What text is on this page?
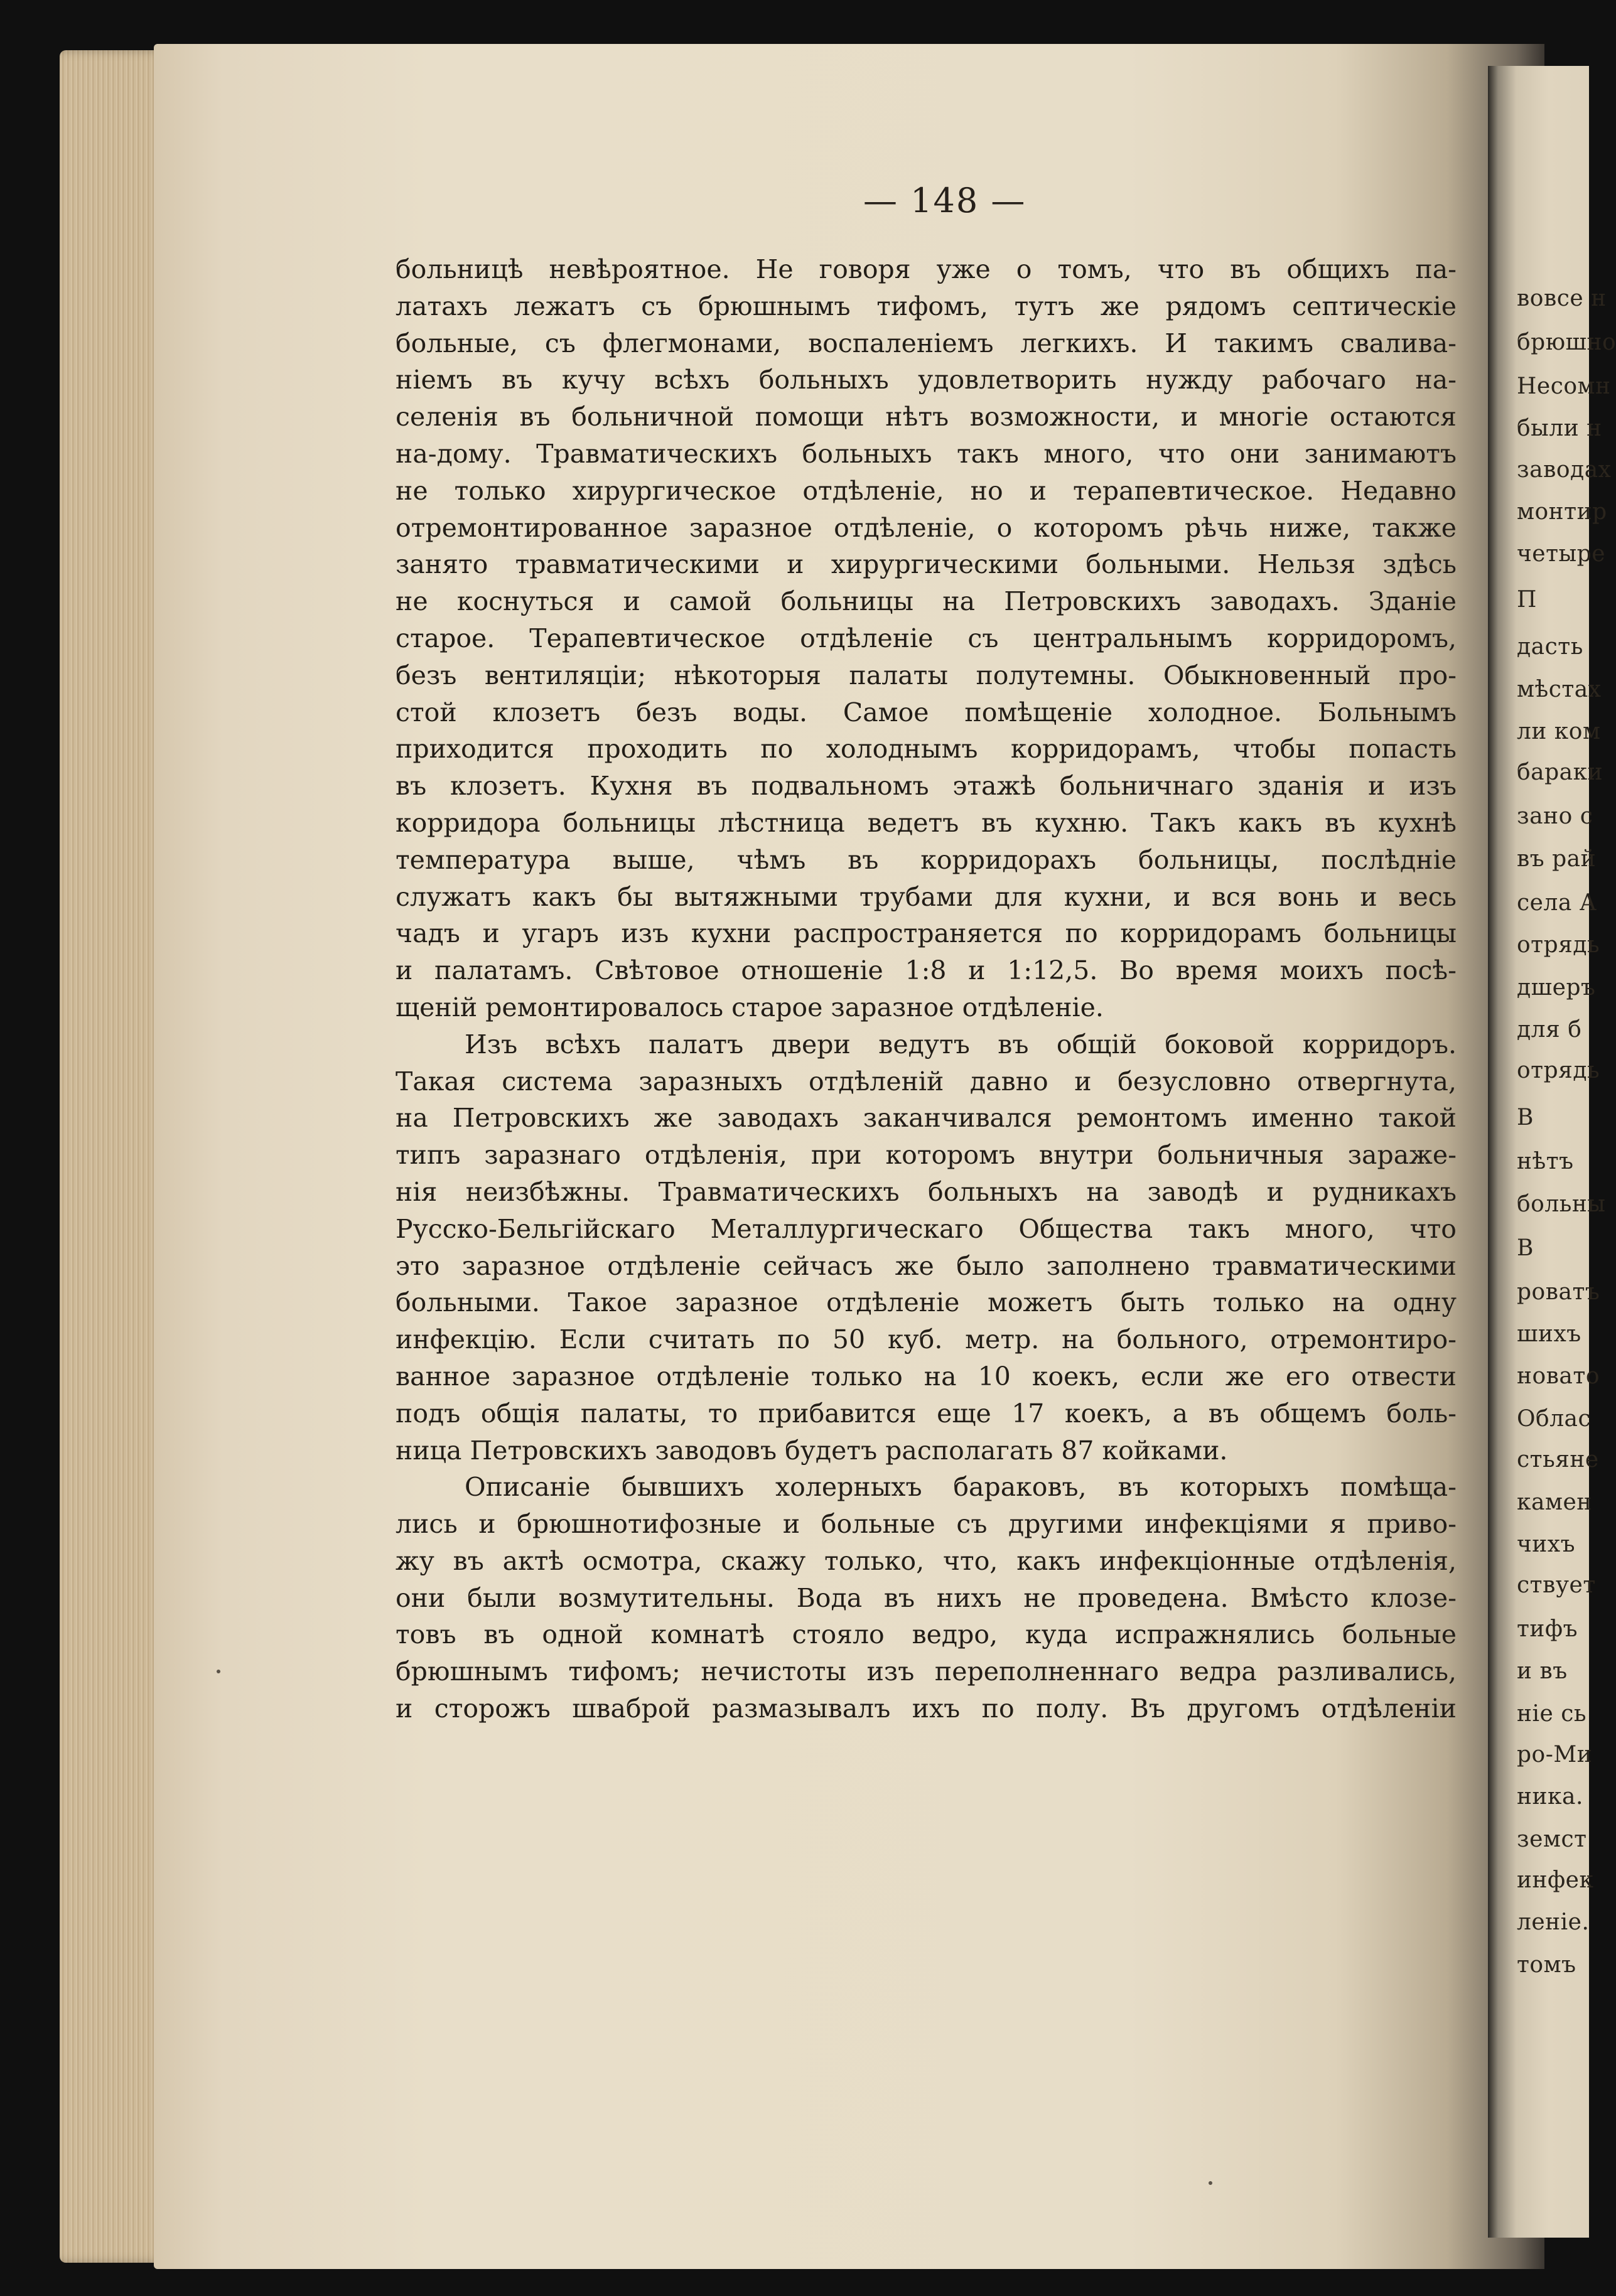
вовсе н
брюшно
Несомн
были н
заводах
монтир
четыре
П
дасть
мѣстах
ли ком
бараки
зано с
въ рай
села А
отрядь
дшеръ
для б
отрядь
В
нѣтъ
больны
В
роватъ
шихъ
новато
Облас
стьяне
камен
чихъ
ствует
тифъ
и въ
ніе сь
ро-Ми
ника.
земст
инфек
леніе.
томъ
— 148 —
больницѣ невѣроятное. Не говоря уже о томъ, что въ общихъ па-
латахъ лежатъ съ брюшнымъ тифомъ, тутъ же рядомъ септическіе
больные, съ флегмонами, воспаленіемъ легкихъ. И такимъ свалива-
ніемъ въ кучу всѣхъ больныхъ удовлетворить нужду рабочаго на-
селенія въ больничной помощи нѣтъ возможности, и многіе остаются
на-дому. Травматическихъ больныхъ такъ много, что они занимаютъ
не только хирургическое отдѣленіе, но и терапевтическое. Недавно
отремонтированное заразное отдѣленіе, о которомъ рѣчь ниже, также
занято травматическими и хирургическими больными. Нельзя здѣсь
не коснуться и самой больницы на Петровскихъ заводахъ. Зданіе
старое. Терапевтическое отдѣленіе съ центральнымъ корридоромъ,
безъ вентиляціи; нѣкоторыя палаты полутемны. Обыкновенный про-
стой клозетъ безъ воды. Самое помѣщеніе холодное. Больнымъ
приходится проходить по холоднымъ корридорамъ, чтобы попасть
въ клозетъ. Кухня въ подвальномъ этажѣ больничнаго зданія и изъ
корридора больницы лѣстница ведетъ въ кухню. Такъ какъ въ кухнѣ
температура выше, чѣмъ въ корридорахъ больницы, послѣдніе
служатъ какъ бы вытяжными трубами для кухни, и вся вонь и весь
чадъ и угаръ изъ кухни распространяется по корридорамъ больницы
и палатамъ. Свѣтовое отношеніе 1:8 и 1:12,5. Во время моихъ посѣ-
щеній ремонтировалось старое заразное отдѣленіе.
Изъ всѣхъ палатъ двери ведутъ въ общій боковой корридоръ.
Такая система заразныхъ отдѣленій давно и безусловно отвергнута,
на Петровскихъ же заводахъ заканчивался ремонтомъ именно такой
типъ заразнаго отдѣленія, при которомъ внутри больничныя зараже-
нія неизбѣжны. Травматическихъ больныхъ на заводѣ и рудникахъ
Русско-Бельгійскаго Металлургическаго Общества такъ много, что
это заразное отдѣленіе сейчасъ же было заполнено травматическими
больными. Такое заразное отдѣленіе можетъ быть только на одну
инфекцію. Если считать по 50 куб. метр. на больного, отремонтиро-
ванное заразное отдѣленіе только на 10 коекъ, если же его отвести
подъ общія палаты, то прибавится еще 17 коекъ, а въ общемъ боль-
ница Петровскихъ заводовъ будетъ располагать 87 койками.
Описаніе бывшихъ холерныхъ бараковъ, въ которыхъ помѣща-
лись и брюшнотифозные и больные съ другими инфекціями я приво-
жу въ актѣ осмотра, скажу только, что, какъ инфекціонные отдѣленія,
они были возмутительны. Вода въ нихъ не проведена. Вмѣсто клозе-
товъ въ одной комнатѣ стояло ведро, куда испражнялись больные
брюшнымъ тифомъ; нечистоты изъ переполненнаго ведра разливались,
и сторожъ шваброй размазывалъ ихъ по полу. Въ другомъ отдѣленіи
